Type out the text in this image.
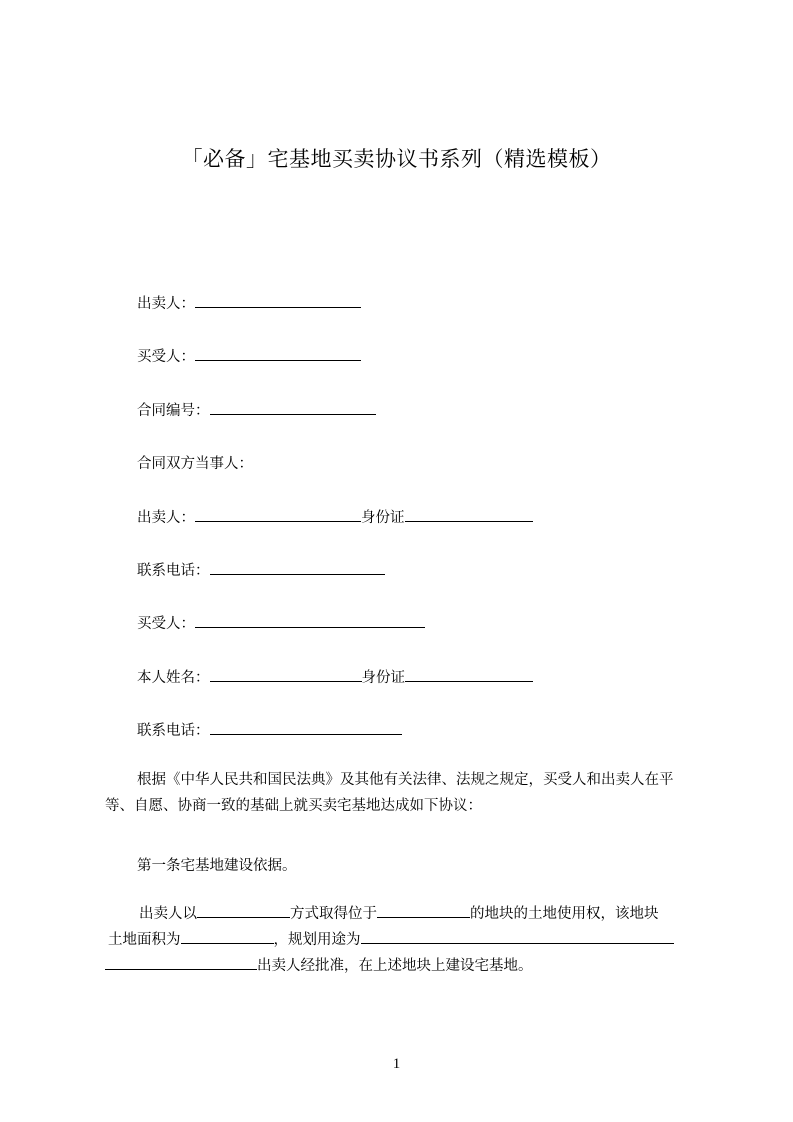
「必备」宅基地买卖协议书系列（精选模板）
出卖人：
买受人：
合同编号：
合同双方当事人：
出卖人：	身份证
联系电话：
买受人：
本人姓名：	身份证
联系电话：
根据《中华人民共和国民法典》及其他有关法律、法规之规定，买受人和出卖人在平等、自愿、协商一致的基础上就买卖宅基地达成如下协议：
第一条宅基地建设依据。
出卖人以	方式取得位于	的地块的土地使用权，该地块
土地面积为	，规划用途为
出卖人经批准，在上述地块上建设宅基地。
1
